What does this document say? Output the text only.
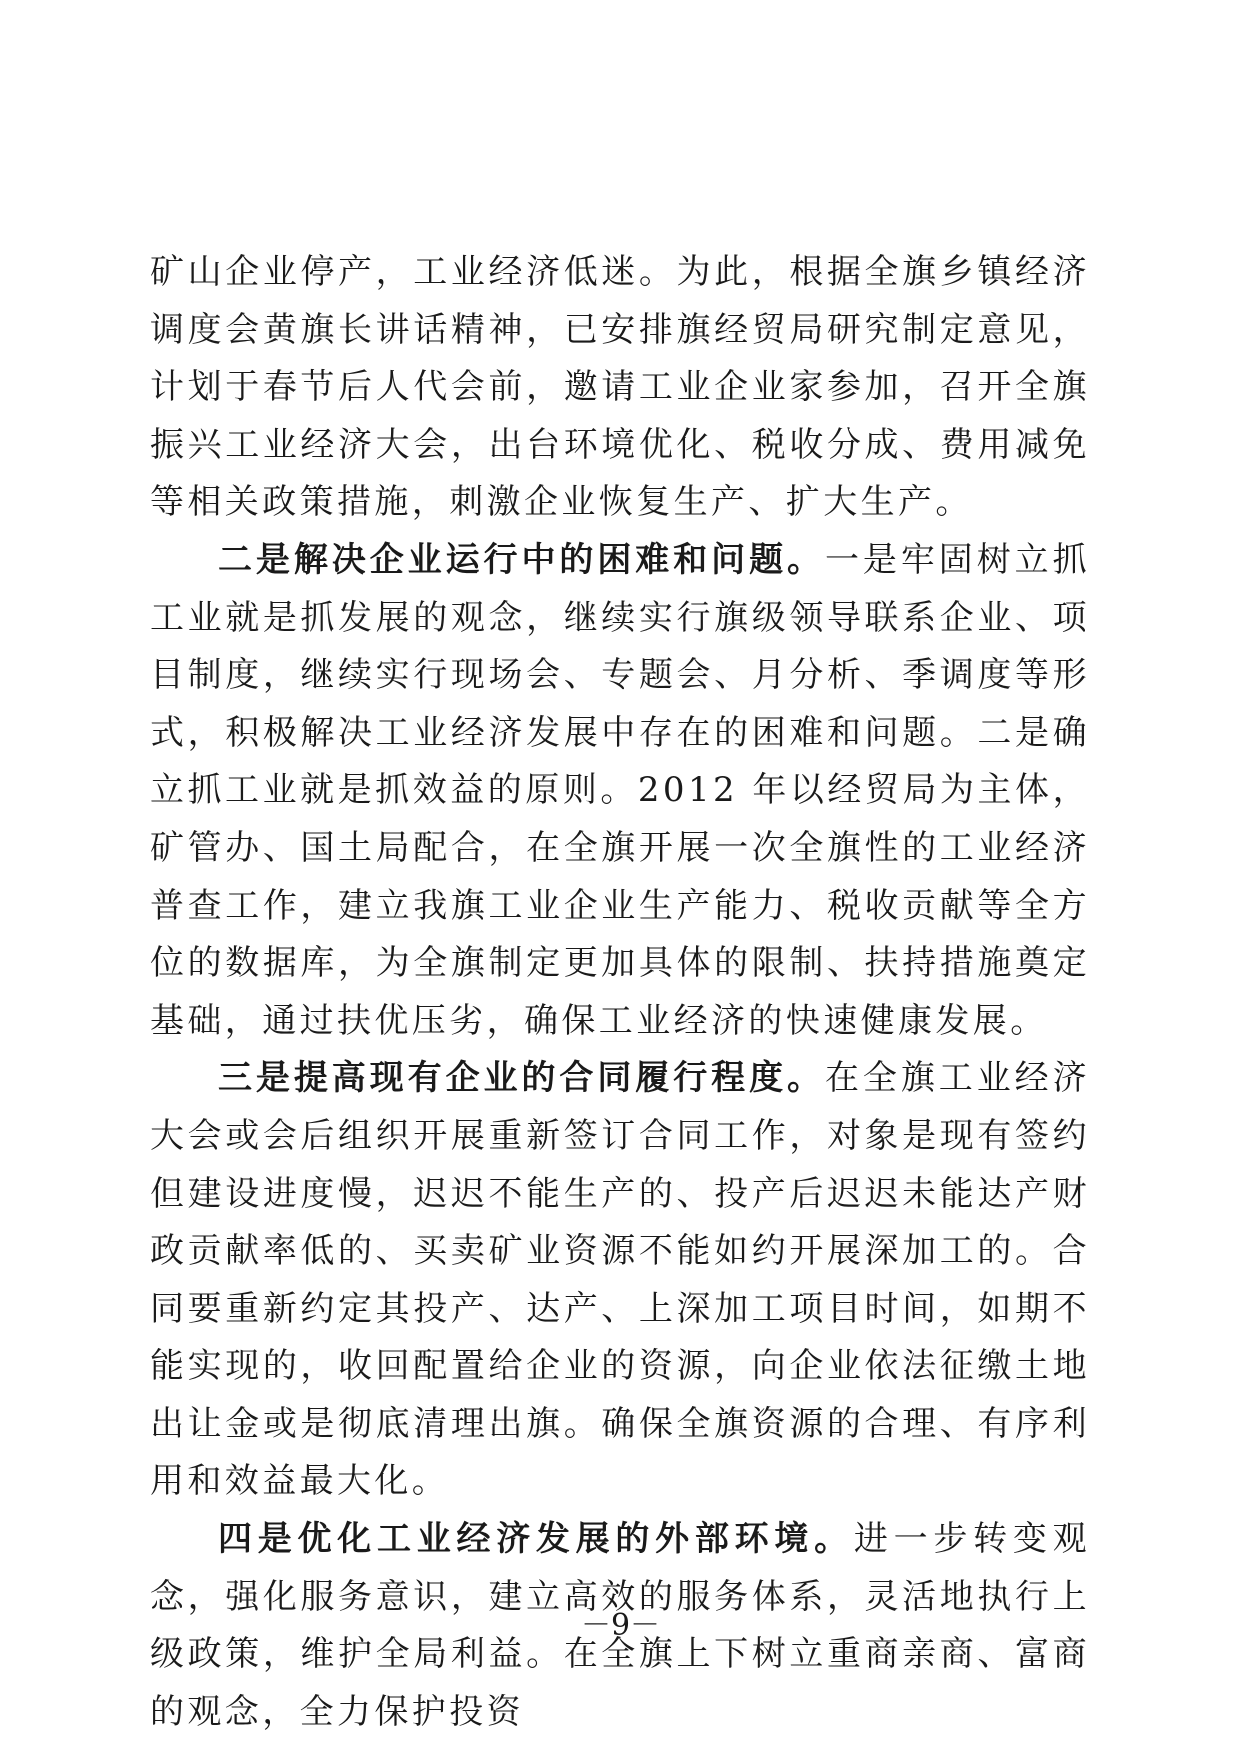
矿山企业停产，工业经济低迷。为此，根据全旗乡镇经济调度会黄旗长讲话精神，已安排旗经贸局研究制定意见，计划于春节后人代会前，邀请工业企业家参加，召开全旗振兴工业经济大会，出台环境优化、税收分成、费用减免等相关政策措施，刺激企业恢复生产、扩大生产。

二是解决企业运行中的困难和问题。一是牢固树立抓工业就是抓发展的观念，继续实行旗级领导联系企业、项目制度，继续实行现场会、专题会、月分析、季调度等形式，积极解决工业经济发展中存在的困难和问题。二是确立抓工业就是抓效益的原则。2012 年以经贸局为主体，矿管办、国土局配合，在全旗开展一次全旗性的工业经济普查工作，建立我旗工业企业生产能力、税收贡献等全方位的数据库，为全旗制定更加具体的限制、扶持措施奠定基础，通过扶优压劣，确保工业经济的快速健康发展。

三是提高现有企业的合同履行程度。在全旗工业经济大会或会后组织开展重新签订合同工作，对象是现有签约但建设进度慢，迟迟不能生产的、投产后迟迟未能达产财政贡献率低的、买卖矿业资源不能如约开展深加工的。合同要重新约定其投产、达产、上深加工项目时间，如期不能实现的，收回配置给企业的资源，向企业依法征缴土地出让金或是彻底清理出旗。确保全旗资源的合理、有序利用和效益最大化。

四是优化工业经济发展的外部环境。进一步转变观念，强化服务意识，建立高效的服务体系，灵活地执行上级政策，维护全局利益。在全旗上下树立重商亲商、富商的观念，全力保护投资

－9－
